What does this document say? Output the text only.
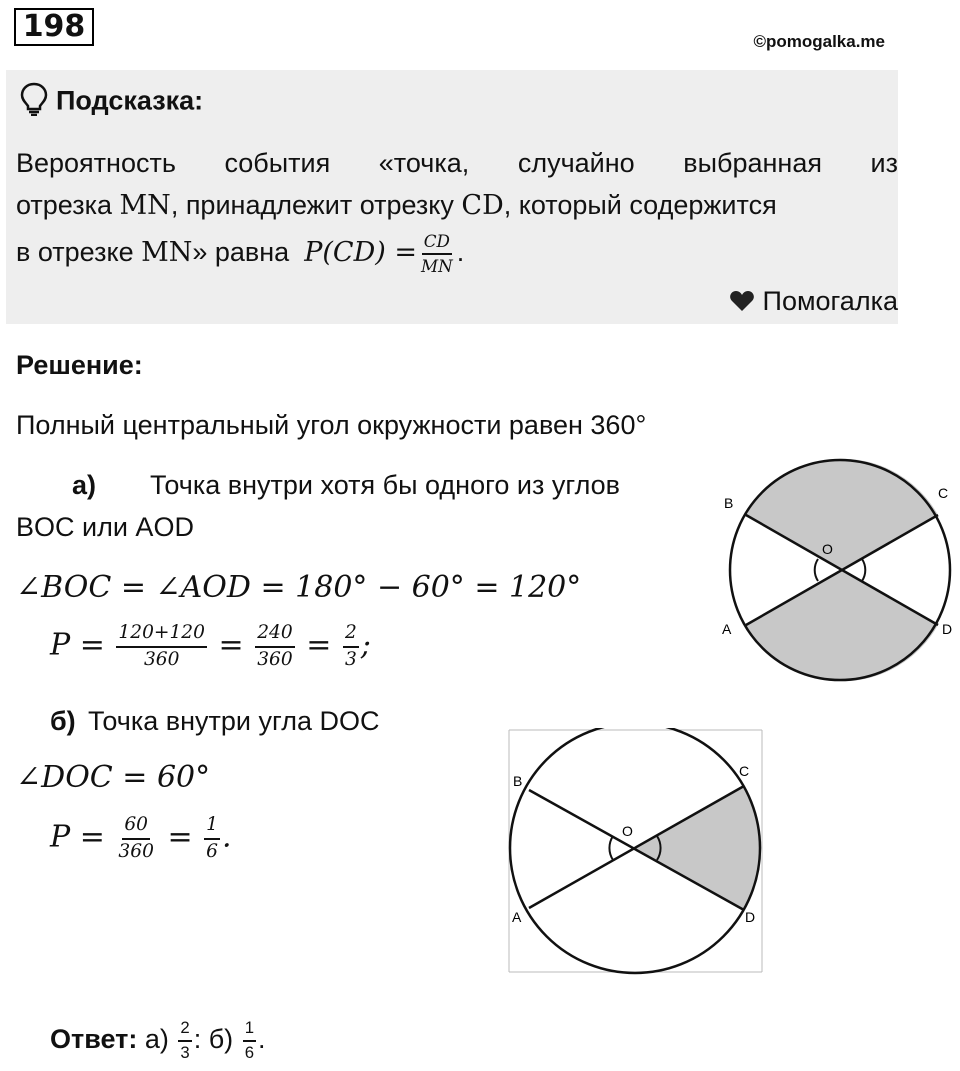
198	©pomogalka.me
Подсказка:
Вероятность события «точка, случайно выбранная из
отрезка MN, принадлежит отрезку CD, который содержится
в отрезке MN» равна $P(CD) = \frac{CD}{MN}$ .
Помогалка
Решение:
Полный центральный угол окружности равен 360°
а) Точка внутри хотя бы одного из углов
BOC или AOD
∠BOC = ∠AOD = 180° − 60° = 120°
$P = \frac{120+120}{360} = \frac{240}{360} = \frac{2}{3}$ ;
б) Точка внутри угла DOC
∠DOC = 60°
$P = \frac{60}{360} = \frac{1}{6}$ .
Ответ: $а) \frac{2}{3}$ : $б) \frac{1}{6}$ .
B
C
O
A	D
B
C
O
A	D
